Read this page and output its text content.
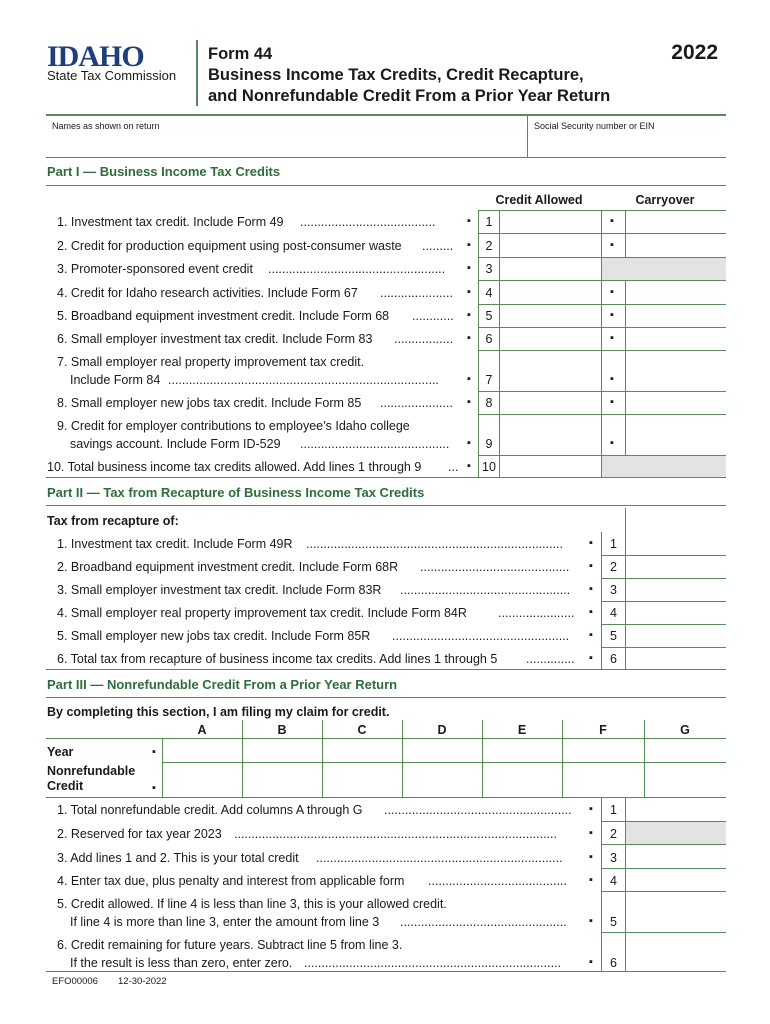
IDAHO
State Tax Commission
Form 44
Business Income Tax Credits, Credit Recapture,
and Nonrefundable Credit From a Prior Year Return
2022
Names as shown on return	Social Security number or EIN
Part I — Business Income Tax Credits
Credit Allowed	Carryover
1. Investment tax credit. Include Form 49 .......................................	▪	1	▪
2. Credit for production equipment using post-consumer waste .........	▪	2	▪
3. Promoter-sponsored event credit ...................................................	▪	3
4. Credit for Idaho research activities. Include Form 67 .....................	▪	4	▪
5. Broadband equipment investment credit. Include Form 68 ............	▪	5	▪
6. Small employer investment tax credit. Include Form 83 .................	▪	6	▪
7. Small employer real property improvement tax credit.
Include Form 84 ..............................................................................	▪	7	▪
8. Small employer new jobs tax credit. Include Form 85 .....................	▪	8	▪
9. Credit for employer contributions to employee’s Idaho college
savings account. Include Form ID-529 ...........................................	▪	9	▪
10. Total business income tax credits allowed. Add lines 1 through 9 ... ▪ 10
Part II — Tax from Recapture of Business Income Tax Credits
Tax from recapture of:
1. Investment tax credit. Include Form 49R ..........................................................................	▪	1
2. Broadband equipment investment credit. Include Form 68R ...........................................	▪	2
3. Small employer investment tax credit. Include Form 83R .................................................	▪	3
4. Small employer real property improvement tax credit. Include Form 84R ......................	▪	4
5. Small employer new jobs tax credit. Include Form 85R ...................................................	▪	5
6. Total tax from recapture of business income tax credits. Add lines 1 through 5 ..............	▪	6
Part III — Nonrefundable Credit From a Prior Year Return
By completing this section, I am filing my claim for credit.
A	B	C	D	E	F	G
Year	▪
Nonrefundable
Credit	▪
1. Total nonrefundable credit. Add columns A through G ......................................................	▪	1
2. Reserved for tax year 2023 .............................................................................................	▪	2
3. Add lines 1 and 2. This is your total credit .......................................................................	▪	3
4. Enter tax due, plus penalty and interest from applicable form ........................................	▪	4
5. Credit allowed. If line 4 is less than line 3, this is your allowed credit.
If line 4 is more than line 3, enter the amount from line 3 ................................................	▪	5
6. Credit remaining for future years. Subtract line 5 from line 3.
If the result is less than zero, enter zero. ..........................................................................	▪	6
EFO00006 12-30-2022
